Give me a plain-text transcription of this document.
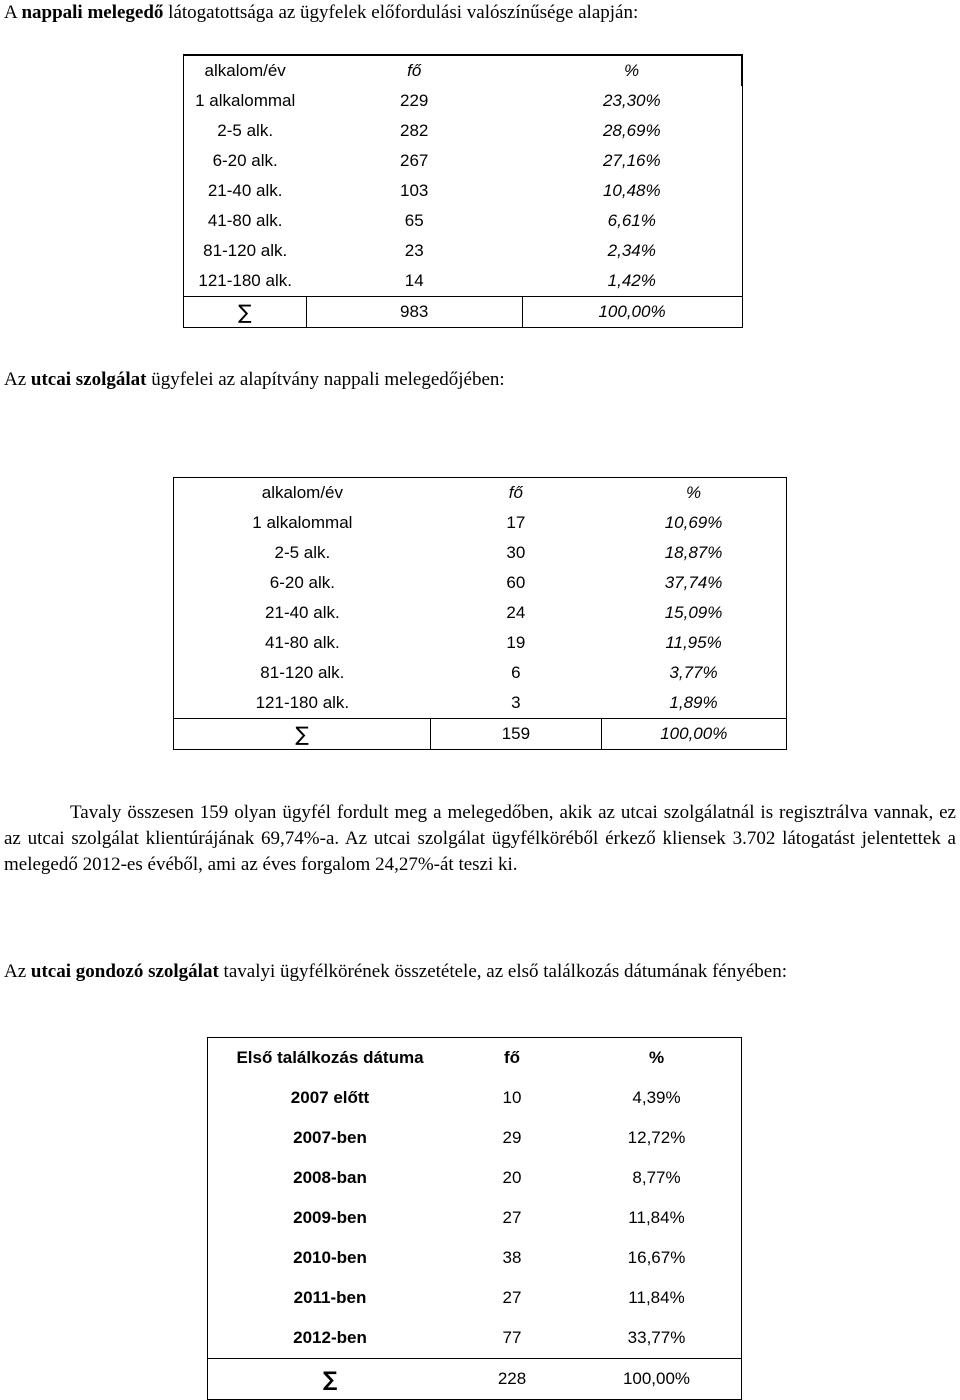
A nappali melegedő látogatottsága az ügyfelek előfordulási valószínűsége alapján:

alkalom/év	fő	%
1 alkalommal	229	23,30%
2-5 alk.	282	28,69%
6-20 alk.	267	27,16%
21-40 alk.	103	10,48%
41-80 alk.	65	6,61%
81-120 alk.	23	2,34%
121-180 alk.	14	1,42%
∑	983	100,00%

Az utcai szolgálat ügyfelei az alapítvány nappali melegedőjében:

alkalom/év	fő	%
1 alkalommal	17	10,69%
2-5 alk.	30	18,87%
6-20 alk.	60	37,74%
21-40 alk.	24	15,09%
41-80 alk.	19	11,95%
81-120 alk.	6	3,77%
121-180 alk.	3	1,89%
∑	159	100,00%

Tavaly összesen 159 olyan ügyfél fordult meg a melegedőben, akik az utcai szolgálatnál is regisztrálva vannak, ez az utcai szolgálat klientúrájának 69,74%-a. Az utcai szolgálat ügyfélköréből érkező kliensek 3.702 látogatást jelentettek a melegedő 2012-es évéből, ami az éves forgalom 24,27%-át teszi ki.

Az utcai gondozó szolgálat tavalyi ügyfélkörének összetétele, az első találkozás dátumának fényében:

Első találkozás dátuma	fő	%
2007 előtt	10	4,39%
2007-ben	29	12,72%
2008-ban	20	8,77%
2009-ben	27	11,84%
2010-ben	38	16,67%
2011-ben	27	11,84%
2012-ben	77	33,77%
∑	228	100,00%
